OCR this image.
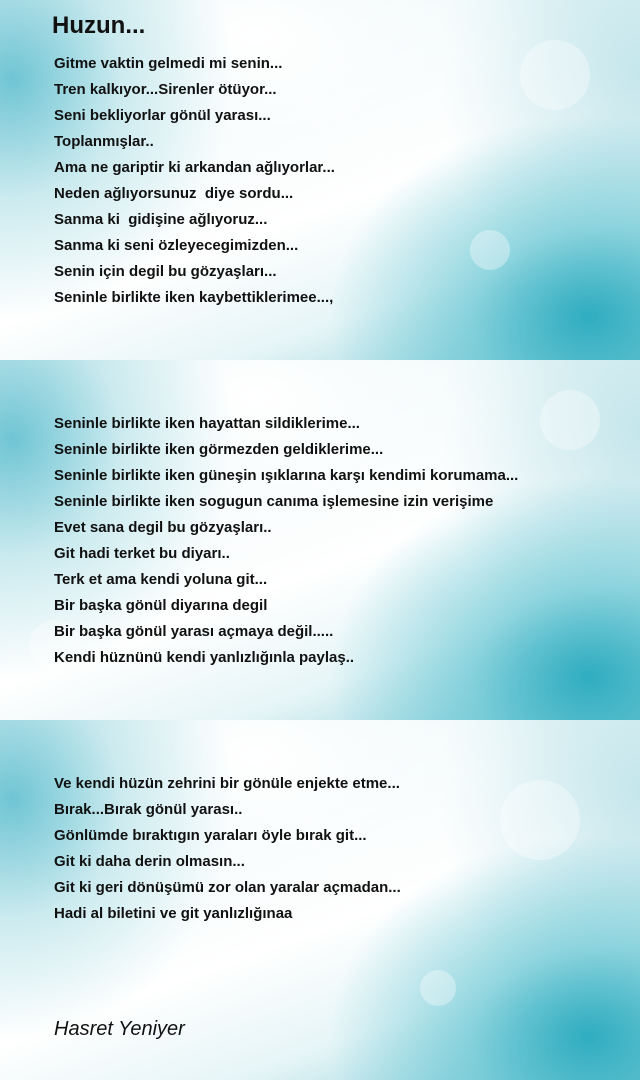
Huzun...
Gitme vaktin gelmedi mi senin...
Tren kalkıyor...Sirenler ötüyor...
Seni bekliyorlar gönül yarası...
Toplanmışlar..
Ama ne gariptir ki arkandan ağlıyorlar...
Neden ağlıyorsunuz  diye sordu...
Sanma ki  gidişine ağlıyoruz...
Sanma ki seni özleyecegimizden...
Senin için degil bu gözyaşları...
Seninle birlikte iken kaybettiklerimee...,
Seninle birlikte iken hayattan sildiklerime...
Seninle birlikte iken görmezden geldiklerime...
Seninle birlikte iken güneşin ışıklarına karşı kendimi korumama...
Seninle birlikte iken sogugun canıma işlemesine izin verişime
Evet sana degil bu gözyaşları..
Git hadi terket bu diyarı..
Terk et ama kendi yoluna git...
Bir başka gönül diyarına degil
Bir başka gönül yarası açmaya değil.....
Kendi hüznünü kendi yanlızlığınla paylaş..
Ve kendi hüzün zehrini bir gönüle enjekte etme...
Bırak...Bırak gönül yarası..
Gönlümde bıraktıgın yaraları öyle bırak git...
Git ki daha derin olmasın...
Git ki geri dönüşümü zor olan yaralar açmadan...
Hadi al biletini ve git yanlızlığınaa
Hasret Yeniyer
